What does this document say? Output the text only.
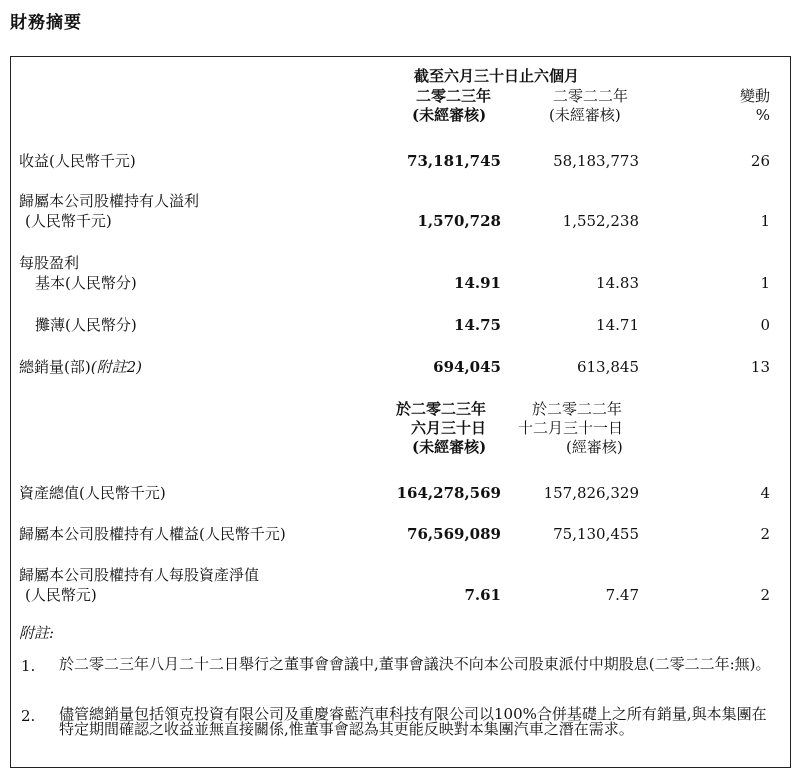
財務摘要
截至六月三十日止六個月
二零二三年
(未經審核)
二零二二年
(未經審核)
變動
%
收益(人民幣千元)	73,181,745	58,183,773	26
歸屬本公司股權持有人溢利
(人民幣千元)	1,570,728	1,552,238	1
每股盈利
基本(人民幣分)	14.91	14.83	1
攤薄(人民幣分)	14.75	14.71	0
總銷量(部)(附註2)	694,045	613,845	13
於二零二三年
六月三十日
(未經審核)
於二零二二年
十二月三十一日
(經審核)
資產總值(人民幣千元)	164,278,569	157,826,329	4
歸屬本公司股權持有人權益(人民幣千元)	76,569,089	75,130,455	2
歸屬本公司股權持有人每股資產淨值
(人民幣元)	7.61	7.47	2
附註:
1. 於二零二三年八月二十二日舉行之董事會會議中,董事會議決不向本公司股東派付中期股息(二零二二年:無)。
2. 儘管總銷量包括領克投資有限公司及重慶睿藍汽車科技有限公司以100%合併基礎上之所有銷量,與本集團在特定期間確認之收益並無直接關係,惟董事會認為其更能反映對本集團汽車之潛在需求。
